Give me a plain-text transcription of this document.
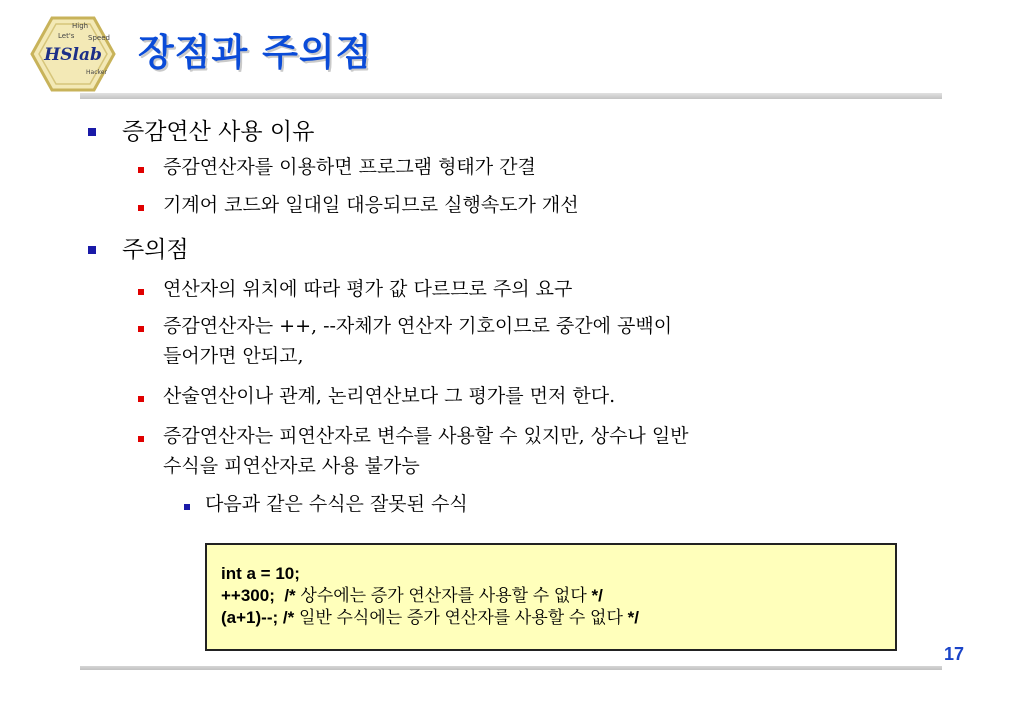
HSlab
Let's
High
Speed
Hacker 장점과 주의점
증감연산 사용 이유
증감연산자를 이용하면 프로그램 형태가 간결
기계어 코드와 일대일 대응되므로 실행속도가 개선
주의점
연산자의 위치에 따라 평가 값 다르므로 주의 요구
증감연산자는 ++, --자체가 연산자 기호이므로 중간에 공백이
들어가면 안되고,
산술연산이나 관계, 논리연산보다 그 평가를 먼저 한다.
증감연산자는 피연산자로 변수를 사용할 수 있지만, 상수나 일반
수식을 피연산자로 사용 불가능
다음과 같은 수식은 잘못된 수식
int a = 10;
++300;  /* 상수에는 증가 연산자를 사용할 수 없다 */
(a+1)--; /* 일반 수식에는 증가 연산자를 사용할 수 없다 */
17
